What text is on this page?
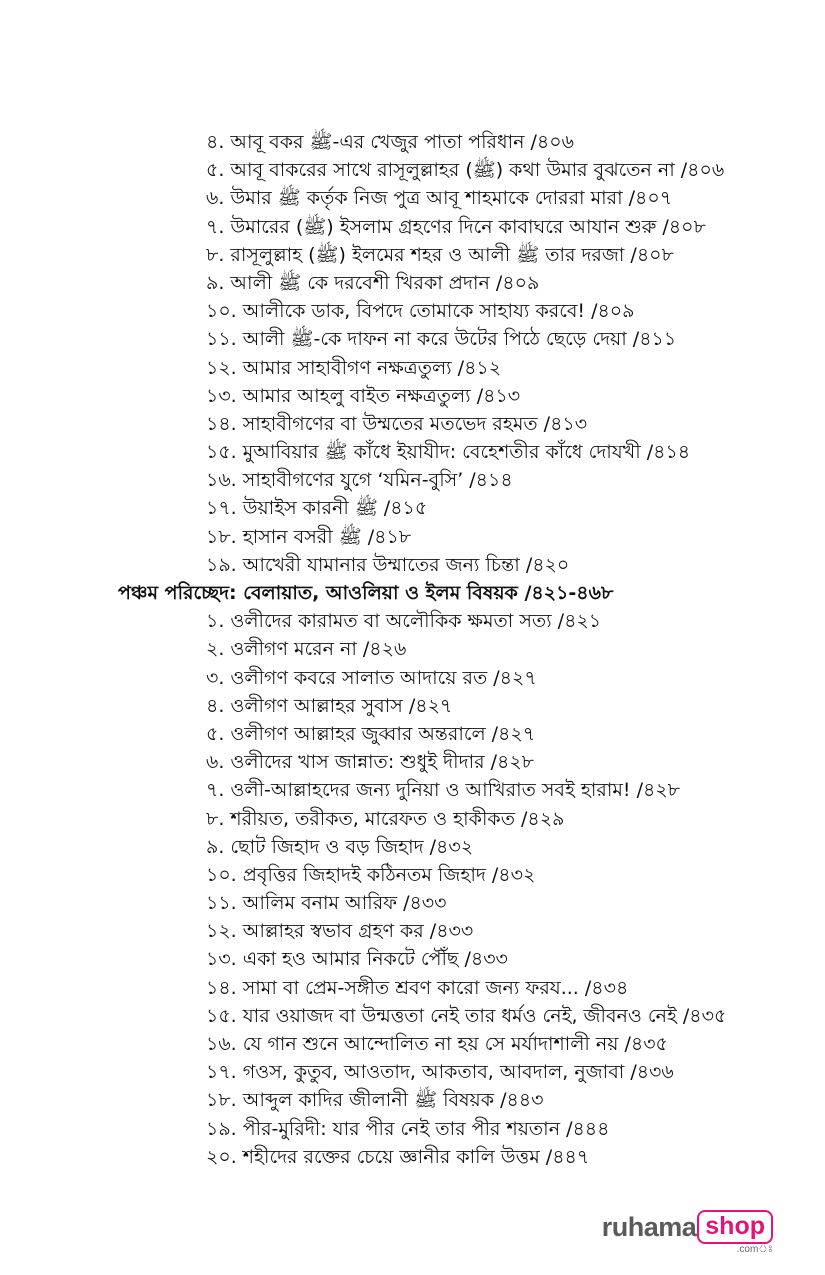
৪. আবূ বকর ﷺ-এর খেজুর পাতা পরিধান /৪০৬
৫. আবূ বাকরের সাথে রাসূলুল্লাহর (ﷺ) কথা উমার বুঝতেন না /৪০৬
৬. উমার ﷺ কর্তৃক নিজ পুত্র আবূ শাহমাকে দোররা মারা /৪০৭
৭. উমারের (ﷺ) ইসলাম গ্রহণের দিনে কাবাঘরে আযান শুরু /৪০৮
৮. রাসূলুল্লাহ (ﷺ) ইলমের শহর ও আলী ﷺ তার দরজা /৪০৮
৯. আলী ﷺ কে দরবেশী খিরকা প্রদান /৪০৯
১০. আলীকে ডাক, বিপদে তোমাকে সাহায্য করবে! /৪০৯
১১. আলী ﷺ-কে দাফন না করে উটের পিঠে ছেড়ে দেয়া /৪১১
১২. আমার সাহাবীগণ নক্ষত্রতুল্য /৪১২
১৩. আমার আহলু বাইত নক্ষত্রতুল্য /৪১৩
১৪. সাহাবীগণের বা উম্মতের মতভেদ রহমত /৪১৩
১৫. মুআবিয়ার ﷺ কাঁধে ইয়াযীদ: বেহেশতীর কাঁধে দোযখী /৪১৪
১৬. সাহাবীগণের যুগে ‘যমিন-বুসি’ /৪১৪
১৭. উয়াইস কারনী ﷺ /৪১৫
১৮. হাসান বসরী ﷺ /৪১৮
১৯. আখেরী যামানার উম্মাতের জন্য চিন্তা /৪২০
পঞ্চম পরিচ্ছেদ: বেলায়াত, আওলিয়া ও ইলম বিষয়ক /৪২১-৪৬৮
১. ওলীদের কারামত বা অলৌকিক ক্ষমতা সত্য /৪২১
২. ওলীগণ মরেন না /৪২৬
৩. ওলীগণ কবরে সালাত আদায়ে রত /৪২৭
৪. ওলীগণ আল্লাহর সুবাস /৪২৭
৫. ওলীগণ আল্লাহর জুব্বার অন্তরালে /৪২৭
৬. ওলীদের খাস জান্নাত: শুধুই দীদার /৪২৮
৭. ওলী-আল্লাহদের জন্য দুনিয়া ও আখিরাত সবই হারাম! /৪২৮
৮. শরীয়ত, তরীকত, মারেফত ও হাকীকত /৪২৯
৯. ছোট জিহাদ ও বড় জিহাদ /৪৩২
১০. প্রবৃত্তির জিহাদই কঠিনতম জিহাদ /৪৩২
১১. আলিম বনাম আরিফ /৪৩৩
১২. আল্লাহর স্বভাব গ্রহণ কর /৪৩৩
১৩. একা হও আমার নিকটে পৌঁছ /৪৩৩
১৪. সামা বা প্রেম-সঙ্গীত শ্রবণ কারো জন্য ফরয... /৪৩৪
১৫. যার ওয়াজদ বা উন্মত্ততা নেই তার ধর্মও নেই, জীবনও নেই /৪৩৫
১৬. যে গান শুনে আন্দোলিত না হয় সে মর্যাদাশালী নয় /৪৩৫
১৭. গওস, কুতুব, আওতাদ, আকতাব, আবদাল, নুজাবা /৪৩৬
১৮. আব্দুল কাদির জীলানী ﷺ বিষয়ক /৪৪৩
১৯. পীর-মুরিদী: যার পীর নেই তার পীর শয়তান /৪৪৪
২০. শহীদের রক্তের চেয়ে জ্ঞানীর কালি উত্তম /৪৪৭
ruhama shop
.comঃ
